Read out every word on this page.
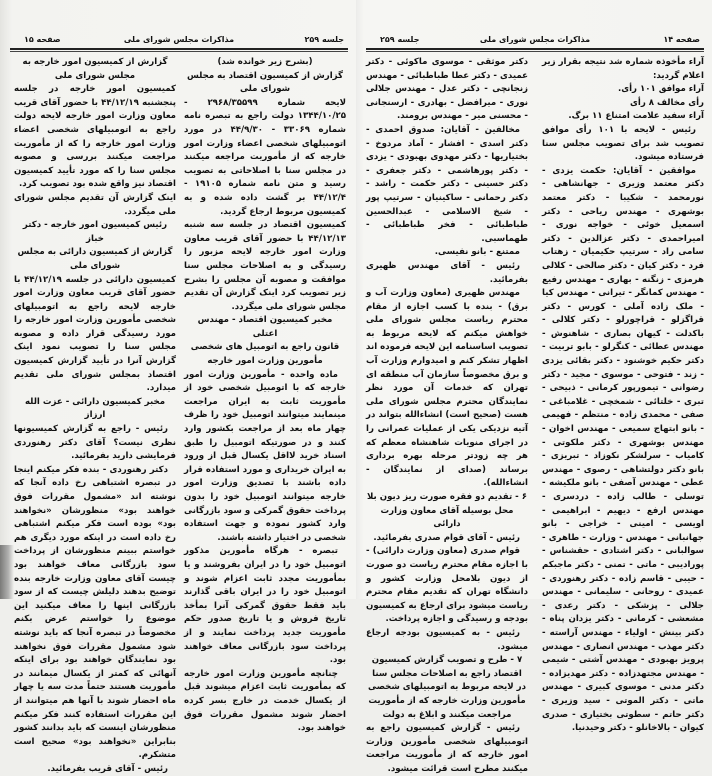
جلسه ۲۵۹
مذاکرات مجلس شورای ملی
صفحه ۱۵

گزارش از کمیسیون امور خارجه به مجلس شورای ملی

کمیسیون امور خارجه در جلسه پنجشنبه ۴۴/۱۲/۱۹ با حضور آقای قریب معاون وزارت امور خارجه لایحه دولت راجع به اتومبیلهای شخصی اعضاء وزارت امور خارجه را که از مأموریت مراجعت میکنند بررسی و مصوبه مجلس سنا را که مورد تأیید کمیسیون اقتصاد نیز واقع شده بود تصویب کرد.

اینک گزارش آن تقدیم مجلس شورای ملی میگردد.

رئیس کمیسیون امور خارجه - دکتر خباز

گزارش از کمیسیون دارائی به مجلس شورای ملی

کمیسیون دارائی در جلسه ۴۴/۱۲/۱۹ با حضور آقای قریب معاون وزارت امور خارجه لایحه راجع به اتومبیلهای شخصی مأمورین وزارت امور خارجه را مورد رسیدگی قرار داده و مصوبه مجلس سنا را تصویب نمود اینک گزارش آنرا در تأیید گزارش کمیسیون اقتصاد بمجلس شورای ملی تقدیم میدارد.

مخبر کمیسیون دارائی - عزت الله ارزاز

رئیس - راجع به گزارش کمیسیونها نظری نیست؟ آقای دکتر رهنوردی فرمایشی دارید بفرمائید.

دکتر رهنوردی - بنده فکر میکنم اینجا در تبصره اشتباهی رخ داده آنجا که نوشته اند «مشمول مقررات فوق خواهند بود» منظورشان «نخواهند بود» بوده است فکر میکنم اشتباهی رخ داده است در اینکه مورد دیگری هم خواستم ببینم منظورشان از پرداخت سود بازرگانی معاف خواهند بود چیست آقای معاون وزارت خارجه بنده توضیح بدهند دلیلش چیست که از سود بازرگانی اینها را معاف میکنید این موضوع را خواستم عرض بکنم مخصوصاً در تبصره آنجا که باید نوشته شود مشمول مقررات فوق نخواهند بود نمایندگان خواهند بود برای اینکه آنهائی که کمتر از یکسال میمانند در مأموریت هستند حتماً مدت سه یا چهار ماه احضار شوند با آنها هم میتوانند از این مقررات استفاده کنند فکر میکنم منظورشان اینست که باید بدانند کشور بنابراین «نخواهند بود» صحیح است متشکرم.

رئیس - آقای قریب بفرمائید.

(بشرح زیر خوانده شد)

گزارش از کمیسیون اقتصاد به مجلس شورای ملی

لایحه شماره ۲۹۶۸/۳۵۵۹۹ - ۱۳۴۴/۱۰/۲۵ دولت راجع به تبصره نامه شماره ۳۳۰۶۹ - ۴۴/۹/۳۰ در مورد اتومبیلهای شخصی اعضاء وزارت امور خارجه که از مأموریت مراجعه میکنند در مجلس سنا با اصلاحاتی به تصویب رسید و متن نامه شماره ۱۹۱۰۵ - ۴۴/۱۲/۴ بر گشت داده شده و به کمیسیون مربوط ارجاع گردید.

کمیسیون اقتصاد در جلسه سه شنبه ۴۴/۱۲/۱۳ با حضور آقای قریب معاون وزارت امور خارجه لایحه مزبور را رسیدگی و به اصلاحات مجلس سنا موافقت و مصوبه آن مجلس را بشرح زیر تصویب کرد اینک گزارش آن تقدیم مجلس شورای ملی میگردد.

مخبر کمیسیون اقتصاد - مهندس اعتلی

قانون راجع به اتومبیل های شخصی مأمورین وزارت امور خارجه

ماده واحده - مأمورین وزارت امور خارجه که با اتومبیل شخصی خود از مأموریت ثابت به ایران مراجعت مینمایند میتوانند اتومبیل خود را ظرف چهار ماه بعد از مراجعت بکشور وارد کنند و در صورتیکه اتومبیل را طبق اسناد خرید لااقل یکسال قبل از ورود به ایران خریداری و مورد استفاده قرار داده باشند با تصدیق وزارت امور خارجه میتوانند اتومبیل خود را بدون پرداخت حقوق گمرکی و سود بازرگانی وارد کشور نموده و جهت استفاده شخصی در اختیار داشته باشند.

تبصره - هرگاه مأمورین مذکور اتومبیل خود را در ایران بفروشند و یا بمأموریت مجدد ثابت اعزام شوند و اتومبیل خود را در ایران باقی گذارند باید فقط حقوق گمرکی آنرا بمأخذ تاریخ فروش و یا تاریخ صدور حکم مأموریت جدید پرداخت نمایند و از پرداخت سود بازرگانی معاف خواهند بود.

چنانچه مأمورین وزارت امور خارجه که بمأموریت ثابت اعزام میشوند قبل از یکسال خدمت در خارج بسر کرده احضار شوند مشمول مقررات فوق خواهند بود.

صفحه ۱۴
مذاکرات مجلس شورای ملی
جلسه ۲۵۹

دکتر موثقی - موسوی ماکوئی - دکتر عمیدی - دکتر عطا طباطبائی - مهندس زنجانچی - دکتر عدل - مهندس جلالی نوری - میرافضل - بهادری - ارسنجانی - محسنی میر - مهندس برومند.

مخالفین - آقایان: صدوق احمدی - دکتر اسدی - افشار - آماد مردوخ - بختیاریها - دکتر مهدوی بهبودی - یزدی - دکتر پورهاشمی - دکتر جعفری - دکتر حسینی - دکتر حکمت - راشد - دکتر رحمانی - ساکینیان - سرتیپ پور - شیخ الاسلامی - عبدالحسین طباطبائی - فخر طباطبائی - طهماسبی.

ممتنع - بانو نفیسی.

رئیس - آقای مهندس ظهیری بفرمائید.

مهندس ظهیری (معاون وزارت آب و برق) - بنده با کسب اجازه از مقام محترم ریاست مجلس شورای ملی خواهش میکنم که لایحه مربوط به تصویب اساسنامه این لایحه فرموده اند اظهار تشکر کنم و امیدوارم وزارت آب و برق مخصوصاً سازمان آب منطقه ای تهران که خدمات آن مورد نظر نمایندگان محترم مجلس شورای ملی هست (صحیح است) انشاءالله بتواند در آتیه نزدیکی یکی از عملیات عمرانی را در اجرای منویات شاهنشاه معظم که هر چه زودتر مرحله بهره برداری برساند (صدای از نمایندگان - انشاءالله).

۶ - تقدیم دو فقره صورت ریز دیون بلا محل بوسیله آقای معاون وزارت دارائی

رئیس - آقای قوام صدری بفرمائید.

قوام صدری (معاون وزارت دارائی) - با اجازه مقام محترم ریاست دو صورت از دیون بلامحل وزارت کشور و دانشگاه تهران که تقدیم مقام محترم ریاست میشود برای ارجاع به کمیسیون بودجه و رسیدگی و اجازه پرداخت.

رئیس - به کمیسیون بودجه ارجاع میشود.

۷ - طرح و تصویب گزارش کمیسیون اقتصاد راجع به اصلاحات مجلس سنا در لایحه مربوط به اتومبیلهای شخصی مأمورین وزارت خارجه که از مأموریت مراجعت میکنند و ابلاغ به دولت

رئیس - گزارش کمیسیون راجع به اتومبیلهای شخصی مأمورین وزارت امور خارجه که از مأموریت مراجعت میکنند مطرح است قرائت میشود.

آراء مأخوذه شماره شد نتیجه بقرار زیر اعلام گردید:

آراء موافق ۱۰۱ رأی.

رأی مخالف ۸ رأی

آراء سفید علامت امتناع ۱۱ برگ.

رئیس - لایحه با ۱۰۱ رأی موافق تصویب شد برای تصویب مجلس سنا فرستاده میشود.

موافقین - آقایان: حکمت یزدی - دکتر معتمد وزیری - جهانشاهی - نورمحمد - شکیبا - دکتر معتمد بوشهری - مهندس ریاحی - دکتر اسمعیل خوئی - خواجه نوری - امیراحمدی - دکتر عزالدین - دکتر سامی راد - سرتیپ حکیمیان - زهتاب فرد - دکتر کیان - دکتر صالحی - کلالی هرمزی - زنگنه - بهاری - مهندس رفیع - مهندس کمانگر - تیرانی - مهندس کیا - ملک زاده آملی - کورس - دکتر قراگزلو - قراچورلو - دکتر کلالی - باکدلت - کیهان بصاری - شاهنوش - مهندس عطائی - کنگرلو - بابو تربیت - دکتر حکیم خوشنود - دکتر بقائی یزدی - زند - فتوحی - موسوی - مجید - دکتر رضوانی - تیمورپور کرمانی - ذبیحی - تبری - خلتائی - شمخچی - غلامباغی - صفی - محمدی زاده - منتظم - فهیمی - بانو ابتهاج سمیعی - مهندس اخوان - مهندس بوشهری - دکتر ملکوتی - کامیاب - سرلشکر نکوزاد - تبریزی - بانو دکتر دولتشاهی - رصوی - مهندس عطی - مهندس آصفی - بانو ملکیشه - توسلی - طالب زاده - دردسری - مهندس ارفع - دیهیم - ابراهیمی - اویسی - امینی - خراجی - بانو جهانبانی - مهندس - وزارت - طاهری - سوالبانی - دکتر اشتادی - حقشناس - پورادیبی - ماتی - تمنی - دکتر ماجبکم - حیبی - قاسم زاده - دکتر رهنوردی - عمیدی - روحانی - سلیمانی - مهندس جلالی - پزشکی - دکتر رعدی - مشعشی - کرمانی - دکتر یزدان پناه - دکتر بینش - اولیاء - مهندس آراسته - دکتر مهذب - مهندس انصاری - مهندس پرویز بهبودی - مهندس آشتی - شیمی - مهندس مجتهدزاده - دکتر مهدیزاده - دکتر مدنی - موسوی کبیری - مهندس ماتی - دکتر الموتی - سید وزیری - دکتر حاتم - سطوتی بختیاری - صدری کیوان - بالاخانلو - دکتر وحیدنیا.
